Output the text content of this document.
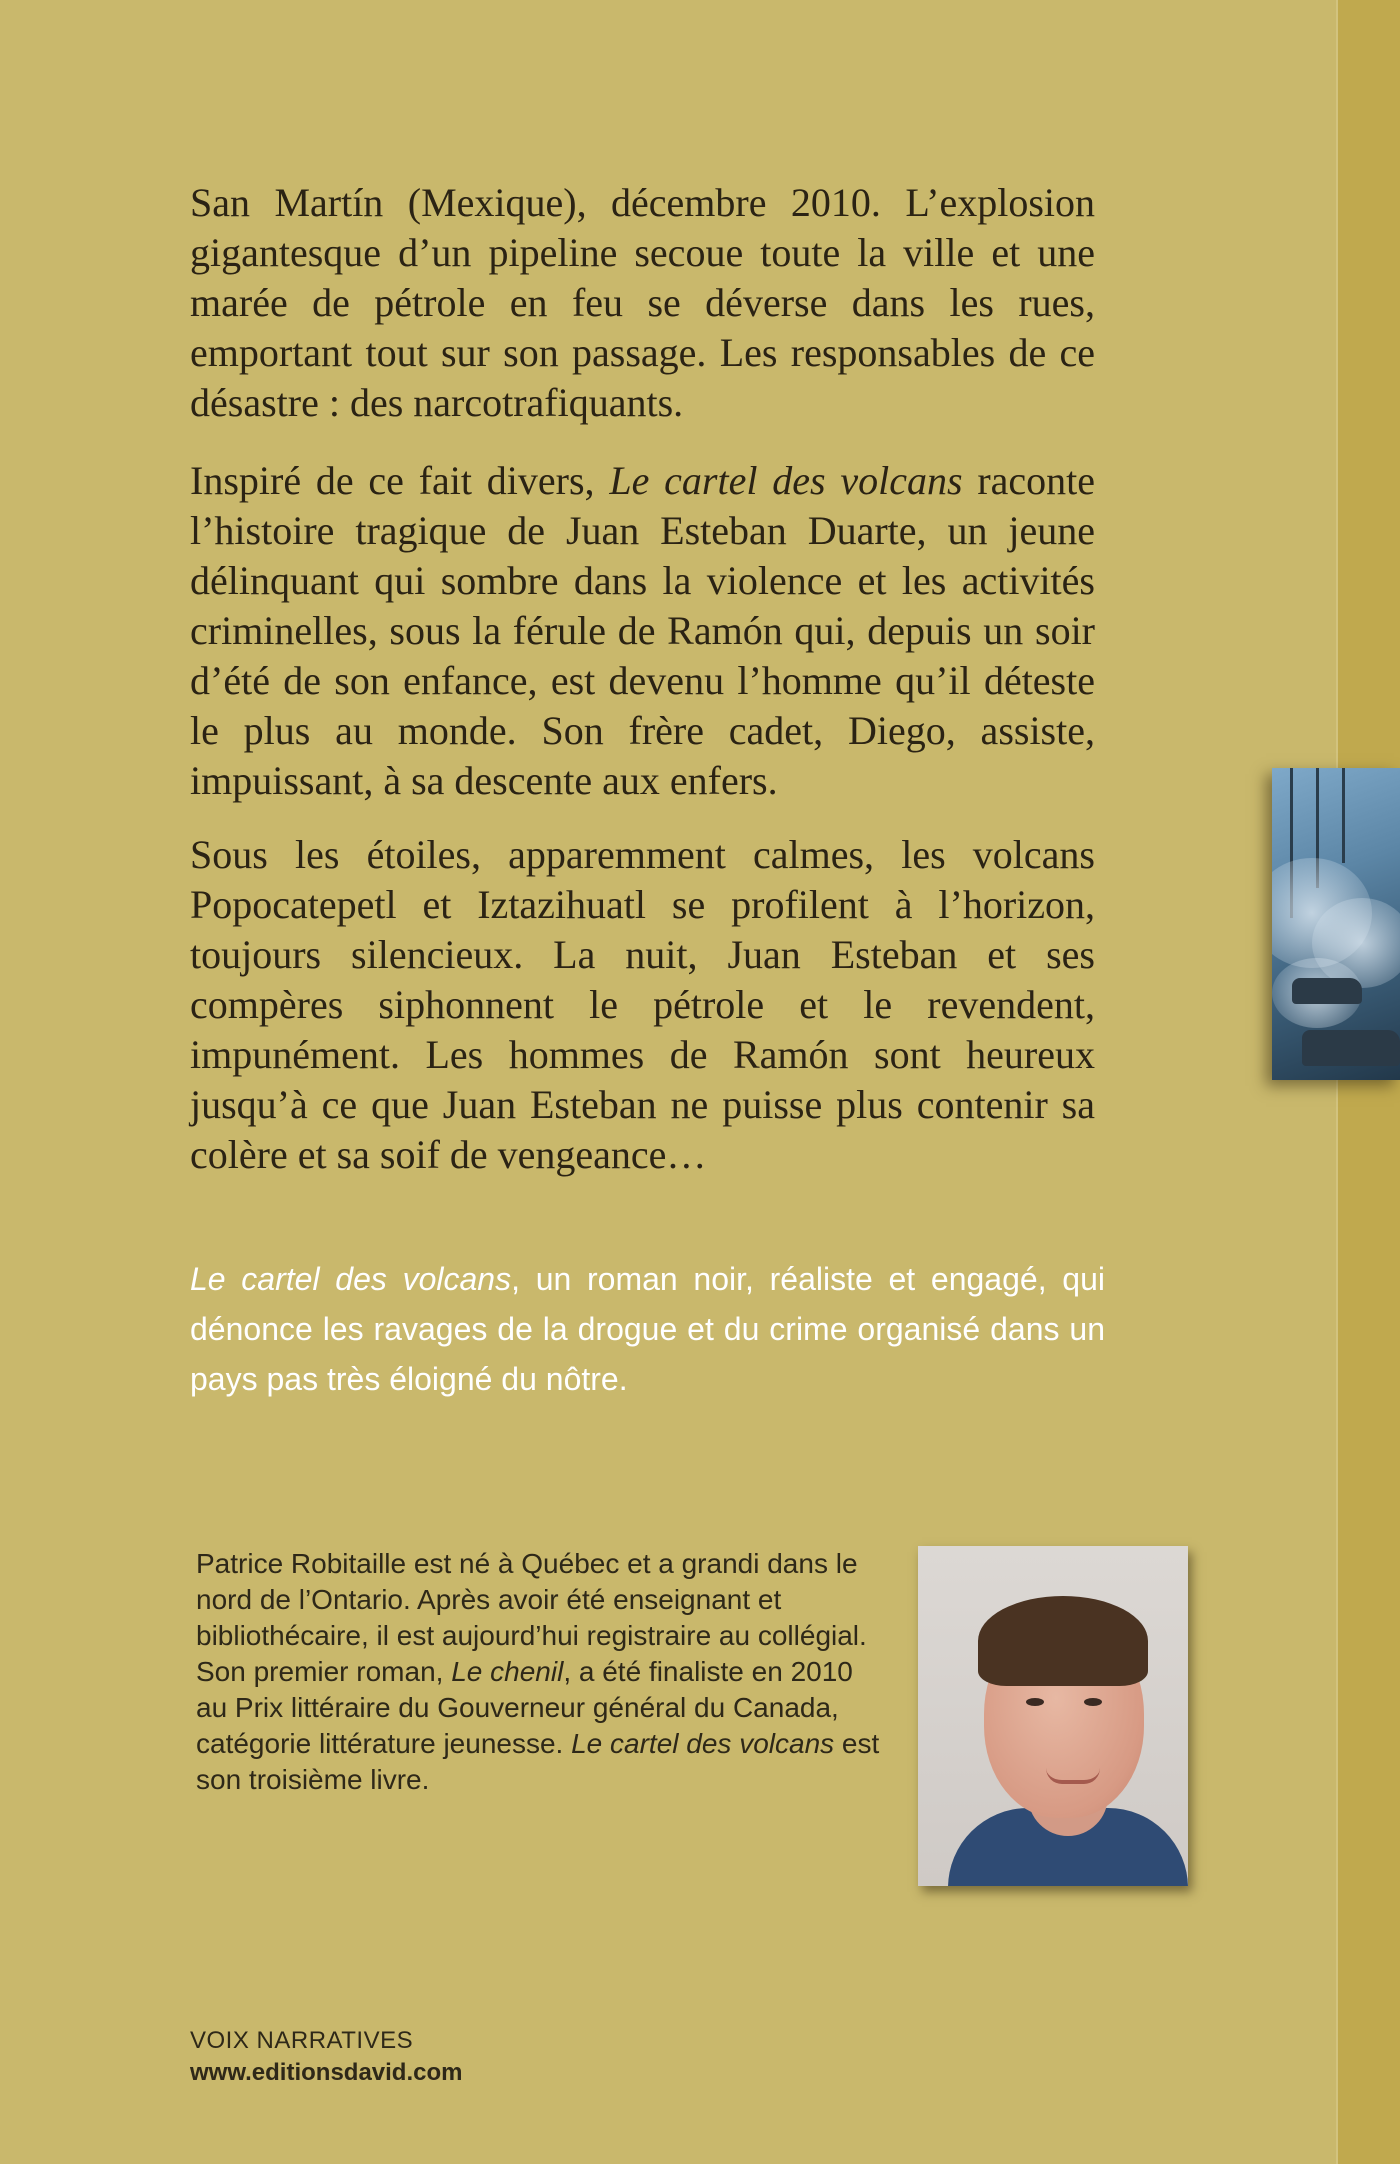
San Martín (Mexique), décembre 2010. L’explosion gigantesque d’un pipeline secoue toute la ville et une marée de pétrole en feu se déverse dans les rues, emportant tout sur son passage. Les responsables de ce désastre : des narcotrafiquants.

Inspiré de ce fait divers, Le cartel des volcans raconte l’histoire tragique de Juan Esteban Duarte, un jeune délinquant qui sombre dans la violence et les activités criminelles, sous la férule de Ramón qui, depuis un soir d’été de son enfance, est devenu l’homme qu’il déteste le plus au monde. Son frère cadet, Diego, assiste, impuissant, à sa descente aux enfers.

Sous les étoiles, apparemment calmes, les volcans Popocatepetl et Iztazihuatl se profilent à l’horizon, toujours silencieux. La nuit, Juan Esteban et ses compères siphonnent le pétrole et le revendent, impunément. Les hommes de Ramón sont heureux jusqu’à ce que Juan Esteban ne puisse plus contenir sa colère et sa soif de vengeance…

Le cartel des volcans, un roman noir, réaliste et engagé, qui dénonce les ravages de la drogue et du crime organisé dans un pays pas très éloigné du nôtre.

Patrice Robitaille est né à Québec et a grandi dans le nord de l’Ontario. Après avoir été enseignant et bibliothécaire, il est aujourd’hui registraire au collégial. Son premier roman, Le chenil, a été finaliste en 2010 au Prix littéraire du Gouverneur général du Canada, catégorie littérature jeunesse. Le cartel des volcans est son troisième livre.

VOIX NARRATIVES

www.editionsdavid.com
